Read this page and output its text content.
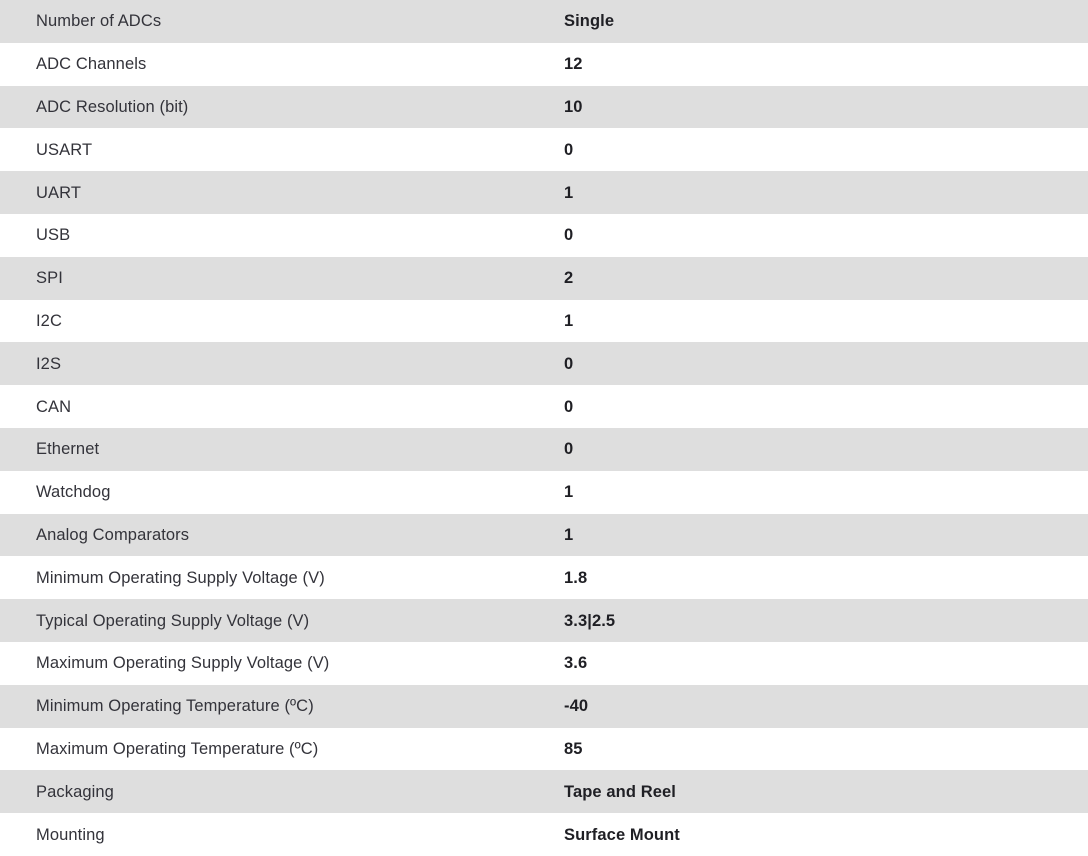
Number of ADCs	Single
ADC Channels	12
ADC Resolution (bit)	10
USART	0
UART	1
USB	0
SPI	2
I2C	1
I2S	0
CAN	0
Ethernet	0
Watchdog	1
Analog Comparators	1
Minimum Operating Supply Voltage (V)	1.8
Typical Operating Supply Voltage (V)	3.3|2.5
Maximum Operating Supply Voltage (V)	3.6
Minimum Operating Temperature (ºC)	-40
Maximum Operating Temperature (ºC)	85
Packaging	Tape and Reel
Mounting	Surface Mount
